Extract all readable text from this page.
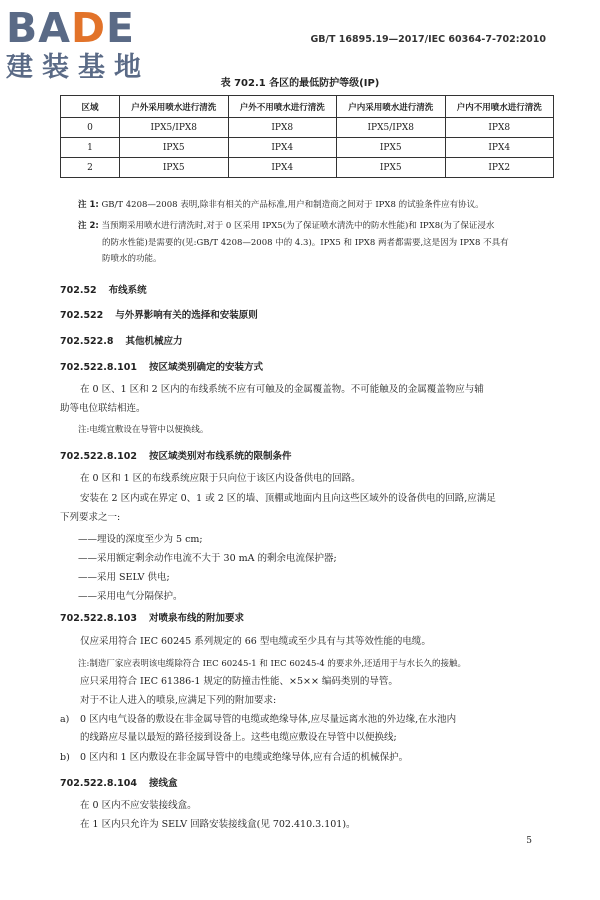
BADE
建装基地
GB/T 16895.19—2017/IEC 60364-7-702:2010
表 702.1 各区的最低防护等级(IP)
区域	户外采用喷水进行清洗	户外不用喷水进行清洗	户内采用喷水进行清洗	户内不用喷水进行清洗
0	IPX5/IPX8	IPX8	IPX5/IPX8	IPX8
1	IPX5	IPX4	IPX5	IPX4
2	IPX5	IPX4	IPX5	IPX2
注 1: GB/T 4208—2008 表明,除非有相关的产品标准,用户和制造商之间对于 IPX8 的试验条件应有协议。
注 2: 当预期采用喷水进行清洗时,对于 0 区采用 IPX5(为了保证喷水清洗中的防水性能)和 IPX8(为了保证浸水
的防水性能)是需要的(见:GB/T 4208—2008 中的 4.3)。IPX5 和 IPX8 两者都需要,这是因为 IPX8 不具有
防喷水的功能。
702.52 布线系统
702.522 与外界影响有关的选择和安装原则
702.522.8 其他机械应力
702.522.8.101 按区域类别确定的安装方式
在 0 区、1 区和 2 区内的布线系统不应有可触及的金属覆盖物。不可能触及的金属覆盖物应与辅
助等电位联结相连。
注:电缆宜敷设在导管中以便换线。
702.522.8.102 按区域类别对布线系统的限制条件
在 0 区和 1 区的布线系统应限于只向位于该区内设备供电的回路。
安装在 2 区内或在界定 0、1 或 2 区的墙、顶棚或地面内且向这些区域外的设备供电的回路,应满足
下列要求之一:
——埋设的深度至少为 5 cm;
——采用额定剩余动作电流不大于 30 mA 的剩余电流保护器;
——采用 SELV 供电;
——采用电气分隔保护。
702.522.8.103 对喷泉布线的附加要求
仅应采用符合 IEC 60245 系列规定的 66 型电缆或至少具有与其等效性能的电缆。
注:制造厂家应表明该电缆除符合 IEC 60245-1 和 IEC 60245-4 的要求外,还适用于与水长久的接触。
应只采用符合 IEC 61386-1 规定的防撞击性能、×5×× 编码类别的导管。
对于不让人进入的喷泉,应满足下列的附加要求:
a) 0 区内电气设备的敷设在非金属导管的电缆或绝缘导体,应尽量远离水池的外边缘,在水池内
的线路应尽量以最短的路径接到设备上。这些电缆应敷设在导管中以便换线;
b) 0 区内和 1 区内敷设在非金属导管中的电缆或绝缘导体,应有合适的机械保护。
702.522.8.104 接线盒
在 0 区内不应安装接线盒。
在 1 区内只允许为 SELV 回路安装接线盒(见 702.410.3.101)。
5
